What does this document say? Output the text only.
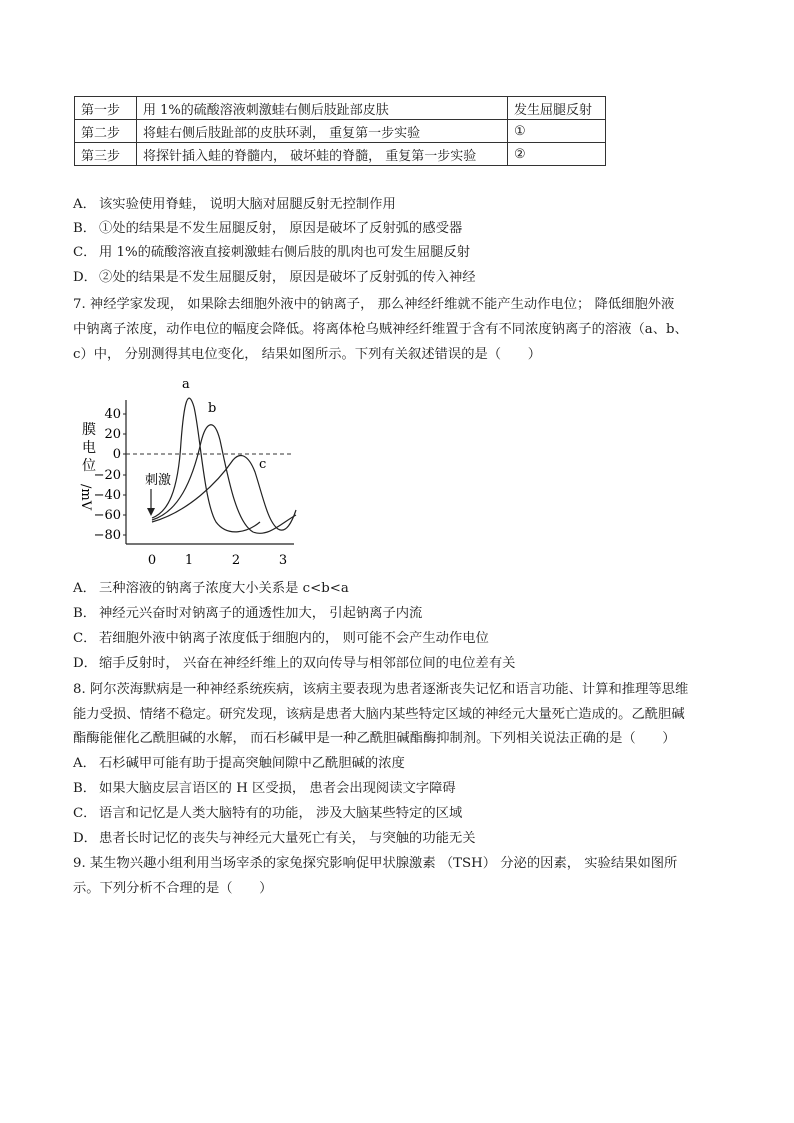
第一步	用 1%的硫酸溶液刺激蛙右侧后肢趾部皮肤	发生屈腿反射
第二步	将蛙右侧后肢趾部的皮肤环剥， 重复第一步实验	①
第三步	将探针插入蛙的脊髓内， 破坏蛙的脊髓， 重复第一步实验	②
A． 该实验使用脊蛙， 说明大脑对屈腿反射无控制作用
B． ①处的结果是不发生屈腿反射， 原因是破坏了反射弧的感受器
C． 用 1%的硫酸溶液直接刺激蛙右侧后肢的肌肉也可发生屈腿反射
D． ②处的结果是不发生屈腿反射， 原因是破坏了反射弧的传入神经
7. 神经学家发现， 如果除去细胞外液中的钠离子， 那么神经纤维就不能产生动作电位； 降低细胞外液
中钠离子浓度，动作电位的幅度会降低。将离体枪乌贼神经纤维置于含有不同浓度钠离子的溶液（a、b、
c）中， 分别测得其电位变化， 结果如图所示。下列有关叙述错误的是（　　）
膜
电
位
/mV
40
20
0
−20
−40
−60
−80
0 1	2	3
a
b
c
刺激
A． 三种溶液的钠离子浓度大小关系是 c<b<a
B． 神经元兴奋时对钠离子的通透性加大， 引起钠离子内流
C． 若细胞外液中钠离子浓度低于细胞内的， 则可能不会产生动作电位
D． 缩手反射时， 兴奋在神经纤维上的双向传导与相邻部位间的电位差有关
8. 阿尔茨海默病是一种神经系统疾病，该病主要表现为患者逐渐丧失记忆和语言功能、计算和推理等思维
能力受损、情绪不稳定。研究发现，该病是患者大脑内某些特定区域的神经元大量死亡造成的。乙酰胆碱
酯酶能催化乙酰胆碱的水解， 而石杉碱甲是一种乙酰胆碱酯酶抑制剂。下列相关说法正确的是（　　）
A． 石杉碱甲可能有助于提高突触间隙中乙酰胆碱的浓度
B． 如果大脑皮层言语区的 H 区受损， 患者会出现阅读文字障碍
C． 语言和记忆是人类大脑特有的功能， 涉及大脑某些特定的区域
D． 患者长时记忆的丧失与神经元大量死亡有关， 与突触的功能无关
9. 某生物兴趣小组利用当场宰杀的家兔探究影响促甲状腺激素 （TSH） 分泌的因素， 实验结果如图所
示。下列分析不合理的是（　　）
